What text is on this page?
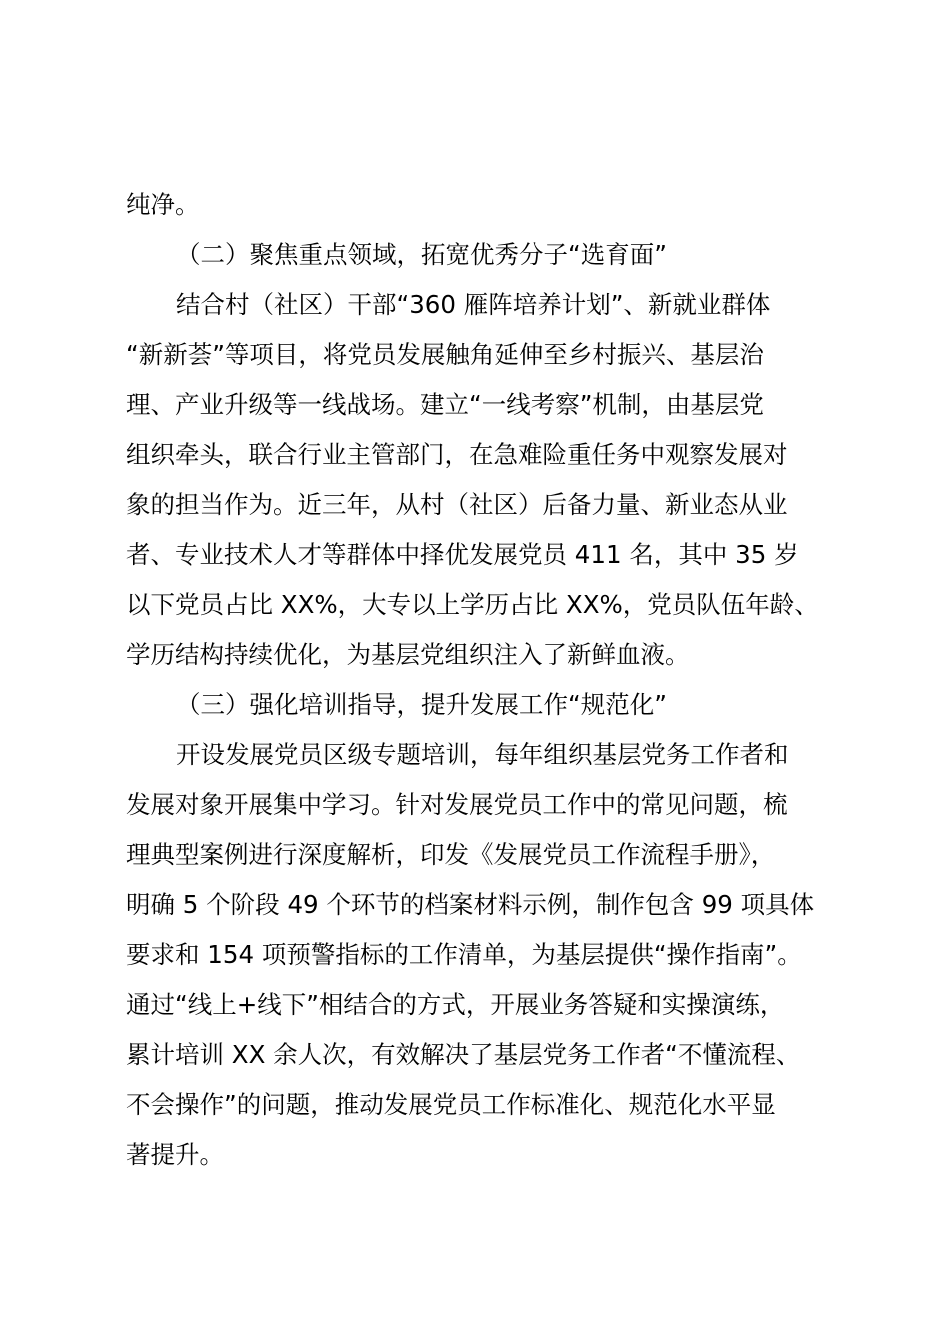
纯净。
（二）聚焦重点领域，拓宽优秀分子“选育面”
结合村（社区）干部“360 雁阵培养计划”、新就业群体
“新新荟”等项目，将党员发展触角延伸至乡村振兴、基层治
理、产业升级等一线战场。建立“一线考察”机制，由基层党
组织牵头，联合行业主管部门，在急难险重任务中观察发展对
象的担当作为。近三年，从村（社区）后备力量、新业态从业
者、专业技术人才等群体中择优发展党员 411 名，其中 35 岁
以下党员占比 XX%，大专以上学历占比 XX%，党员队伍年龄、
学历结构持续优化，为基层党组织注入了新鲜血液。
（三）强化培训指导，提升发展工作“规范化”
开设发展党员区级专题培训，每年组织基层党务工作者和
发展对象开展集中学习。针对发展党员工作中的常见问题，梳
理典型案例进行深度解析，印发《发展党员工作流程手册》，
明确 5 个阶段 49 个环节的档案材料示例，制作包含 99 项具体
要求和 154 项预警指标的工作清单，为基层提供“操作指南”。
通过“线上+线下”相结合的方式，开展业务答疑和实操演练，
累计培训 XX 余人次，有效解决了基层党务工作者“不懂流程、
不会操作”的问题，推动发展党员工作标准化、规范化水平显
著提升。
